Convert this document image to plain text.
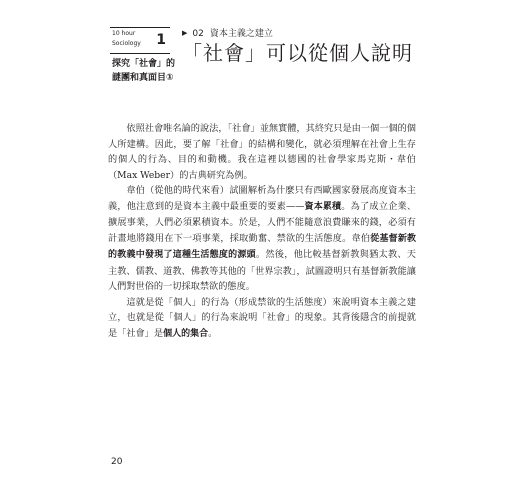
10 hour
Sociology 1
探究「社會」的
謎團和真面目①
▶ 02 資本主義之建立
「社會」可以從個人說明

依照社會唯名論的說法，「社會」並無實體，其終究只是由一個一個的個人所建構。因此，要了解「社會」的結構和變化，就必須理解在社會上生存的個人的行為、目的和動機。我在這裡以德國的社會學家馬克斯・韋伯（Max Weber）的古典研究為例。

韋伯（從他的時代來看）試圖解析為什麼只有西歐國家發展高度資本主義，他注意到的是資本主義中最重要的要素——資本累積。為了成立企業、擴展事業，人們必須累積資本。於是，人們不能隨意浪費賺來的錢，必須有計畫地將錢用在下一項事業，採取勤奮、禁欲的生活態度。韋伯從基督新教的教義中發現了這種生活態度的源頭。然後，他比較基督新教與猶太教、天主教、儒教、道教、佛教等其他的「世界宗教」，試圖證明只有基督新教能讓人們對世俗的一切採取禁欲的態度。

這就是從「個人」的行為（形成禁欲的生活態度）來說明資本主義之建立，也就是從「個人」的行為來說明「社會」的現象。其背後隱含的前提就是「社會」是個人的集合。

20
